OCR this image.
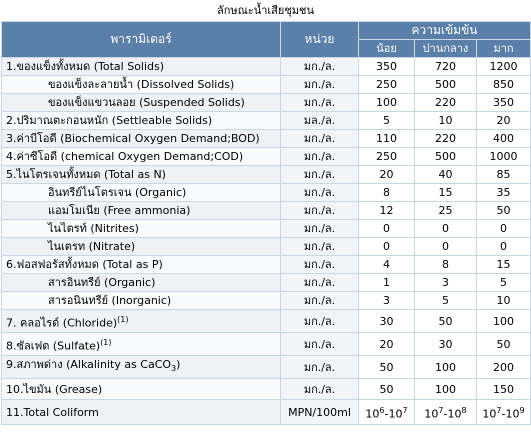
ลักษณะน้ำเสียชุมชน
พารามิเตอร์	หน่วย	ความเข้มข้น		
		น้อย	ปานกลาง	มาก
1.ของแข็งทั้งหมด (Total Solids)	มก./ล.	350	720	1200
ของแข็งละลายน้ำ (Dissolved Solids)	มก./ล.	250	500	850
ของแข็งแขวนลอย (Suspended Solids)	มก./ล.	100	220	350
2.ปริมาณตะกอนหนัก (Settleable Solids)	มล./ล.	5	10	20
3.ค่าบีโอดี (Biochemical Oxygen Demand;BOD)	มก./ล.	110	220	400
4.ค่าซีโอดี (chemical Oxygen Demand;COD)	มก./ล.	250	500	1000
5.ไนโตรเจนทั้งหมด (Total as N)	มก./ล.	20	40	85
อินทรีย์ไนโตรเจน (Organic)	มก./ล.	8	15	35
แอมโมเนีย (Free ammonia)	มก./ล.	12	25	50
ไนไตรท์ (Nitrites)	มก./ล.	0	0	0
ไนเตรท (Nitrate)	มก./ล.	0	0	0
6.ฟอสฟอรัสทั้งหมด (Total as P)	มก./ล.	4	8	15
สารอินทรีย์ (Organic)	มก./ล.	1	3	5
สารอนินทรีย์ (Inorganic)	มก./ล.	3	5	10
7. คลอไรด์ (Chloride)$^{(1)}$	มก./ล.	30	50	100
8.ซัลเฟต (Sulfate)$^{(1)}$	มก./ล.	20	30	50
9.สภาพด่าง (Alkalinity as CaCO$_3$)	มก./ล.	50	100	200
10.ไขมัน (Grease)	มก./ล.	50	100	150
11.Total Coliform	MPN/100ml	$10^6-10^7$	$10^7-10^8$	$10^7-10^9$
